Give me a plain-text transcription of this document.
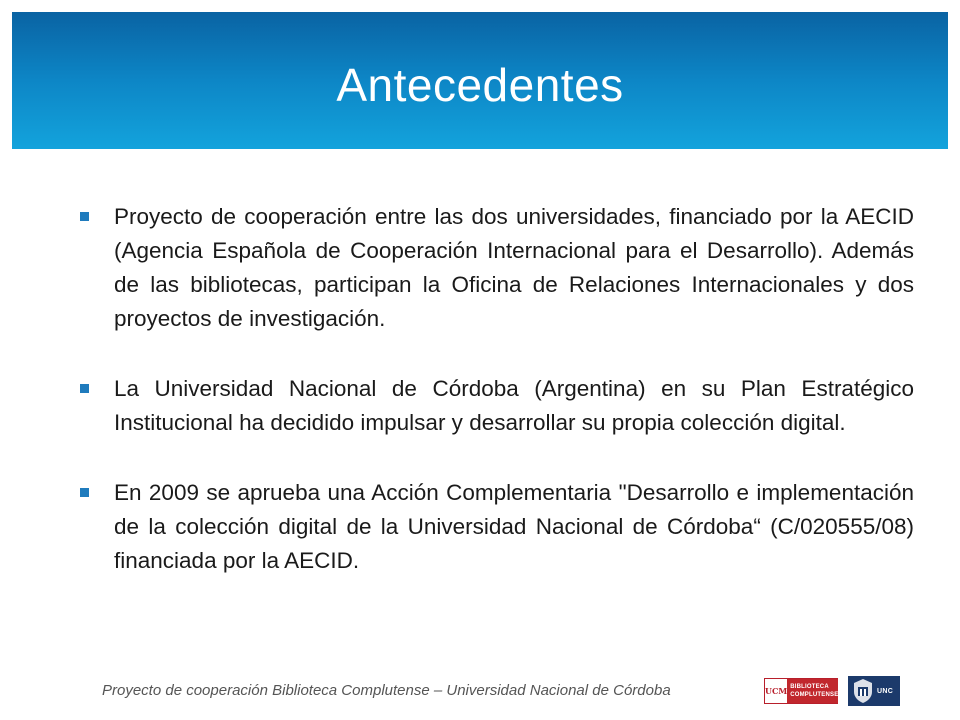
Antecedentes

Proyecto de cooperación entre las dos universidades, financiado por la AECID (Agencia Española de Cooperación Internacional para el Desarrollo). Además de las bibliotecas, participan la Oficina de Relaciones Internacionales y dos proyectos de investigación.

La Universidad Nacional de Córdoba (Argentina) en su Plan Estratégico Institucional ha decidido impulsar y desarrollar su propia colección digital.

En 2009 se aprueba una Acción Complementaria "Desarrollo e implementación de la colección digital de la Universidad Nacional de Córdoba“ (C/020555/08) financiada por la AECID.

Proyecto de cooperación Biblioteca Complutense – Universidad Nacional de Córdoba	UCM BIBLIOTECA
COMPLUTENSE
UNC
